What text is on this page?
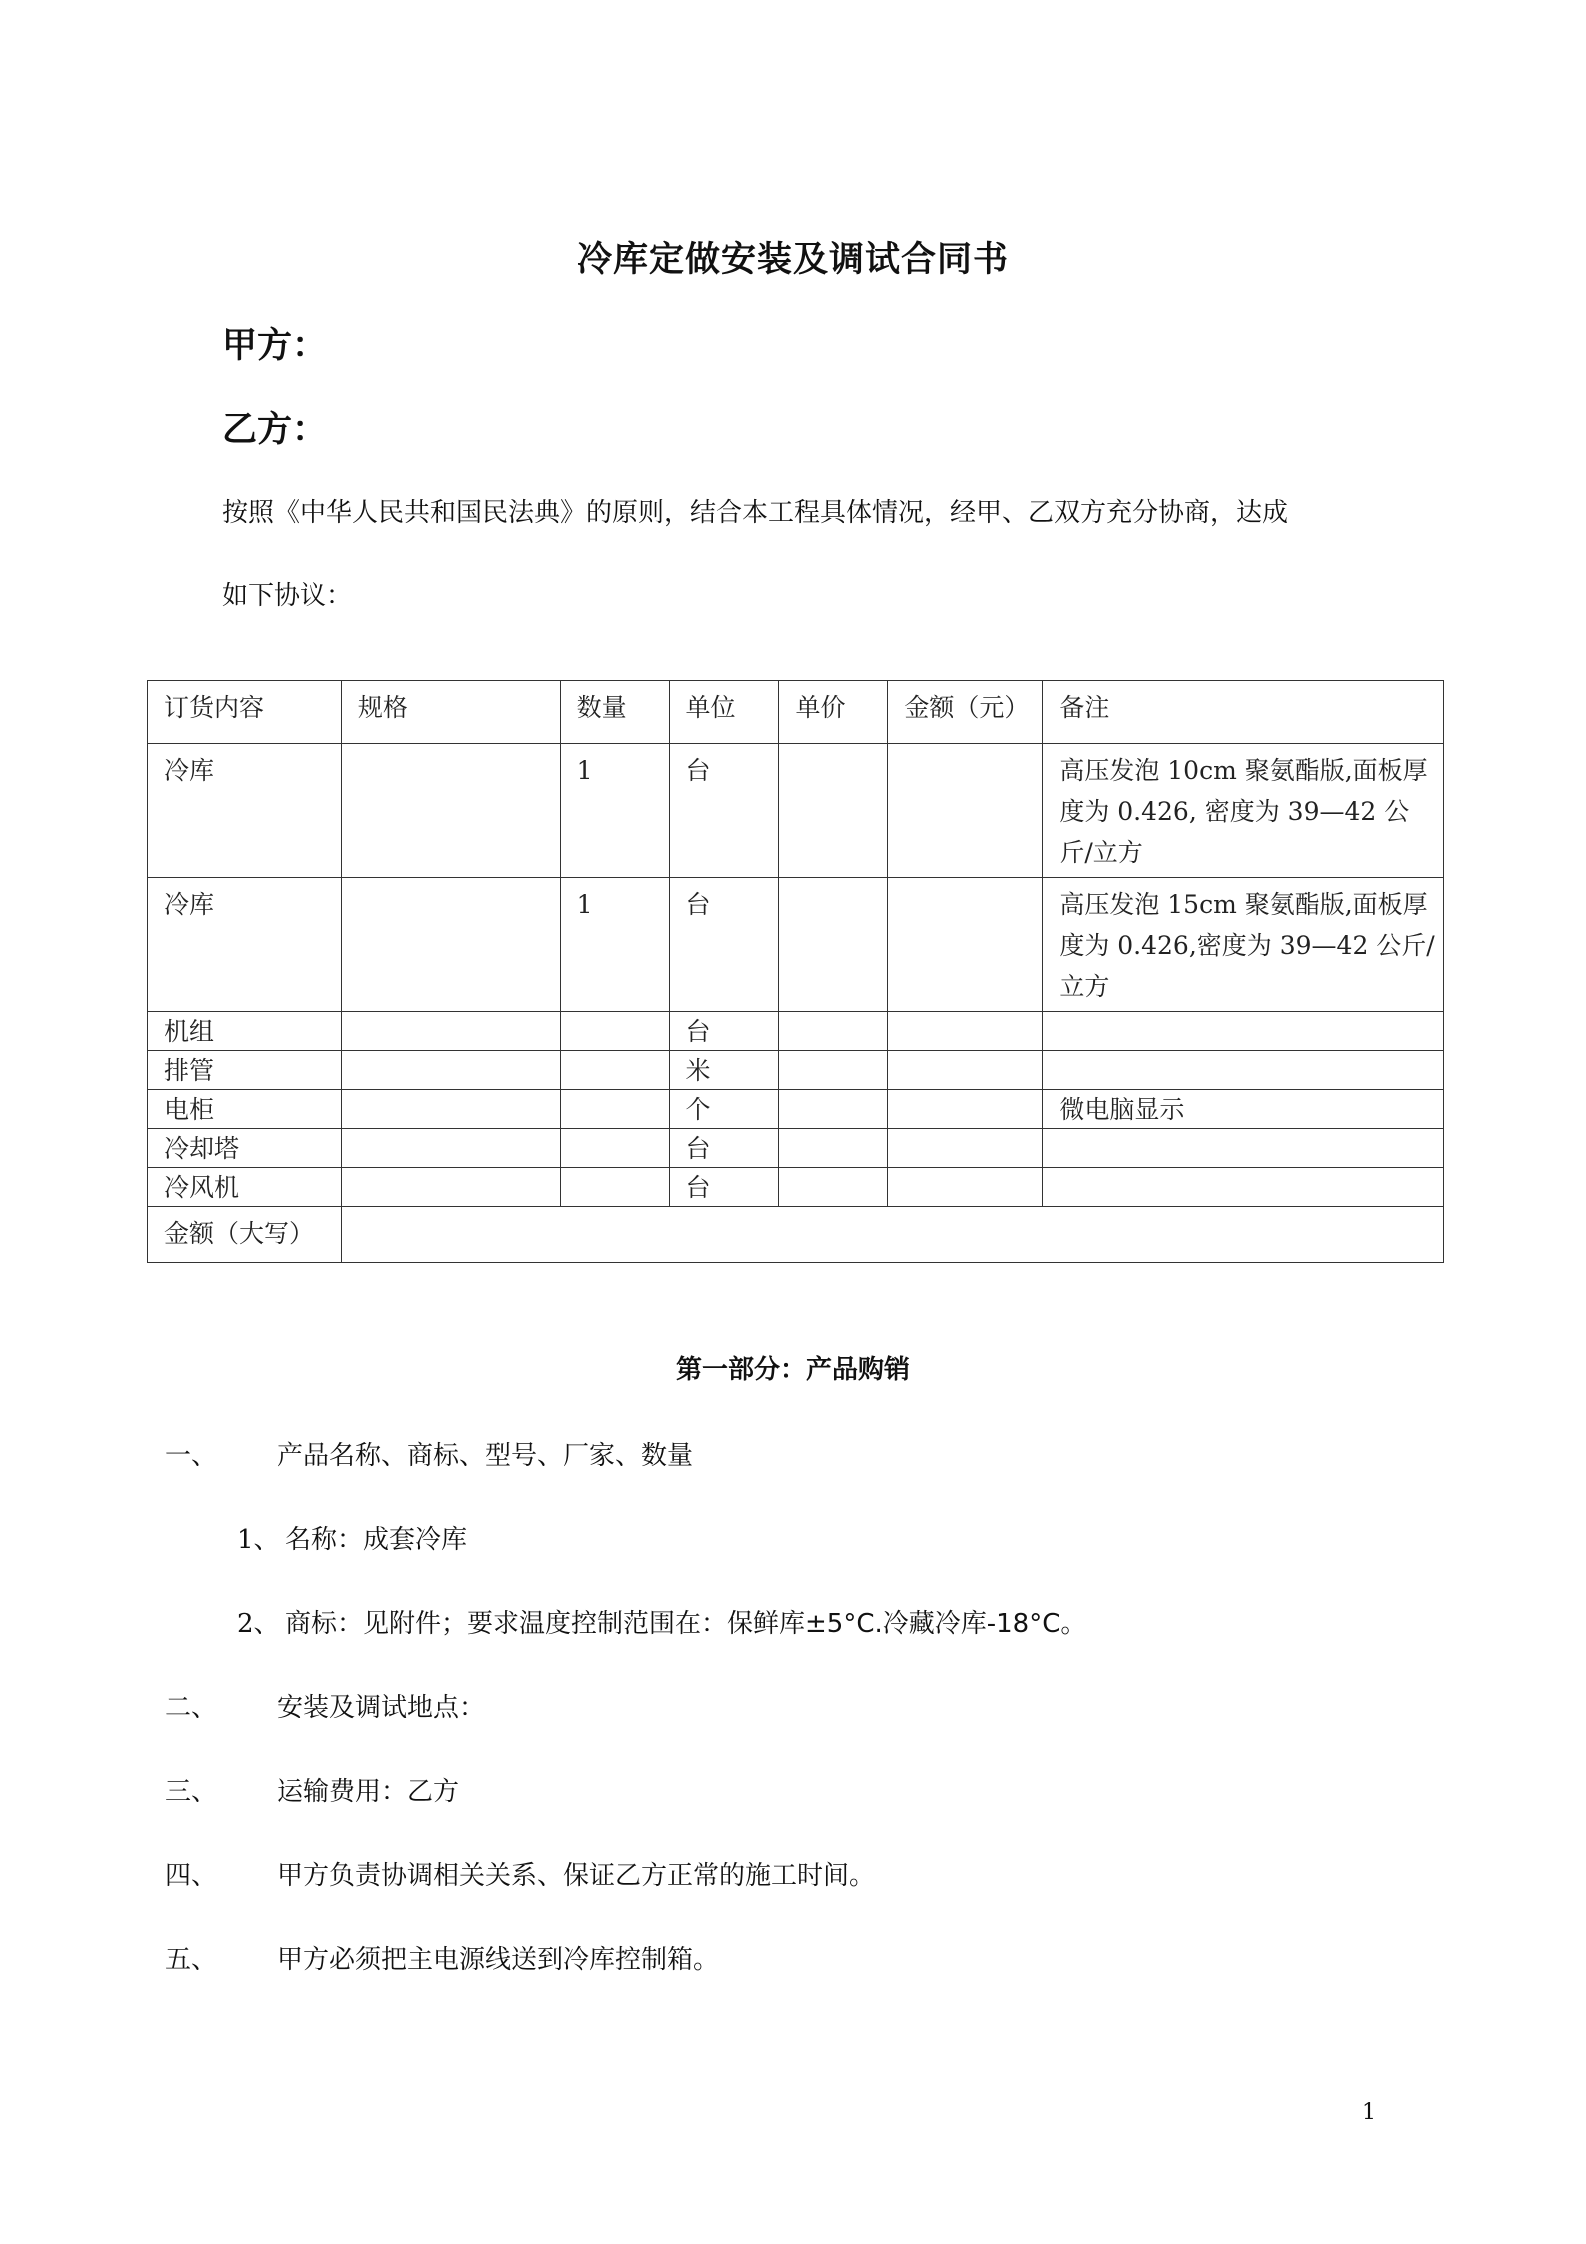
冷库定做安装及调试合同书
甲方：
乙方：
按照《中华人民共和国民法典》的原则，结合本工程具体情况，经甲、乙双方充分协商，达成
如下协议：
订货内容	规格	数量	单位	单价	金额（元）	备注
冷库		1	台			高压发泡 10cm 聚氨酯版,面板厚度为 0.426, 密度为 39—42 公斤/立方
冷库		1	台			高压发泡 15cm 聚氨酯版,面板厚度为 0.426,密度为 39—42 公斤/立方
机组			台			
排管			米			
电柜			个			微电脑显示
冷却塔			台			
冷风机			台			
金额（大写）						
第一部分：产品购销
一、 产品名称、商标、型号、厂家、数量
1、 名称：成套冷库
2、 商标：见附件；要求温度控制范围在：保鲜库±5°C.冷藏冷库-18°C。
二、 安装及调试地点：
三、 运输费用：乙方
四、 甲方负责协调相关关系、保证乙方正常的施工时间。
五、 甲方必须把主电源线送到冷库控制箱。
1
